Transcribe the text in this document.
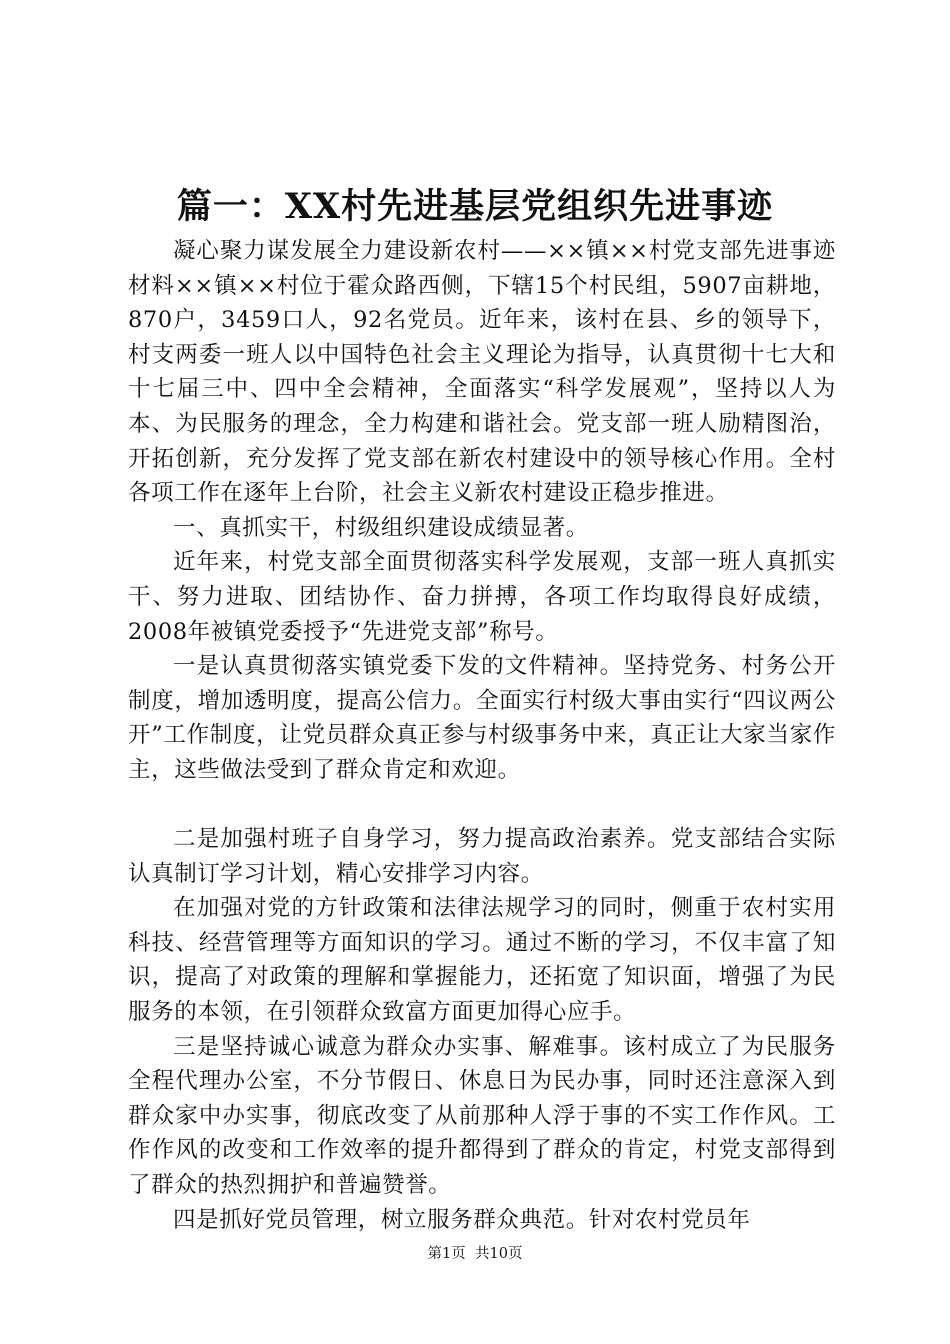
篇一：XX村先进基层党组织先进事迹

凝心聚力谋发展全力建设新农村——××镇××村党支部先进事迹材料××镇××村位于霍众路西侧，下辖15个村民组，5907亩耕地，870户，3459口人，92名党员。近年来，该村在县、乡的领导下，村支两委一班人以中国特色社会主义理论为指导，认真贯彻十七大和十七届三中、四中全会精神，全面落实“科学发展观”，坚持以人为本、为民服务的理念，全力构建和谐社会。党支部一班人励精图治，开拓创新，充分发挥了党支部在新农村建设中的领导核心作用。全村各项工作在逐年上台阶，社会主义新农村建设正稳步推进。

一、真抓实干，村级组织建设成绩显著。

近年来，村党支部全面贯彻落实科学发展观，支部一班人真抓实干、努力进取、团结协作、奋力拼搏，各项工作均取得良好成绩，2008年被镇党委授予“先进党支部”称号。

一是认真贯彻落实镇党委下发的文件精神。坚持党务、村务公开制度，增加透明度，提高公信力。全面实行村级大事由实行“四议两公开”工作制度，让党员群众真正参与村级事务中来，真正让大家当家作主，这些做法受到了群众肯定和欢迎。

二是加强村班子自身学习，努力提高政治素养。党支部结合实际认真制订学习计划，精心安排学习内容。

在加强对党的方针政策和法律法规学习的同时，侧重于农村实用科技、经营管理等方面知识的学习。通过不断的学习，不仅丰富了知识，提高了对政策的理解和掌握能力，还拓宽了知识面，增强了为民服务的本领，在引领群众致富方面更加得心应手。

三是坚持诚心诚意为群众办实事、解难事。该村成立了为民服务全程代理办公室，不分节假日、休息日为民办事，同时还注意深入到群众家中办实事，彻底改变了从前那种人浮于事的不实工作作风。工作作风的改变和工作效率的提升都得到了群众的肯定，村党支部得到了群众的热烈拥护和普遍赞誉。

四是抓好党员管理，树立服务群众典范。针对农村党员年

第1页 共10页
